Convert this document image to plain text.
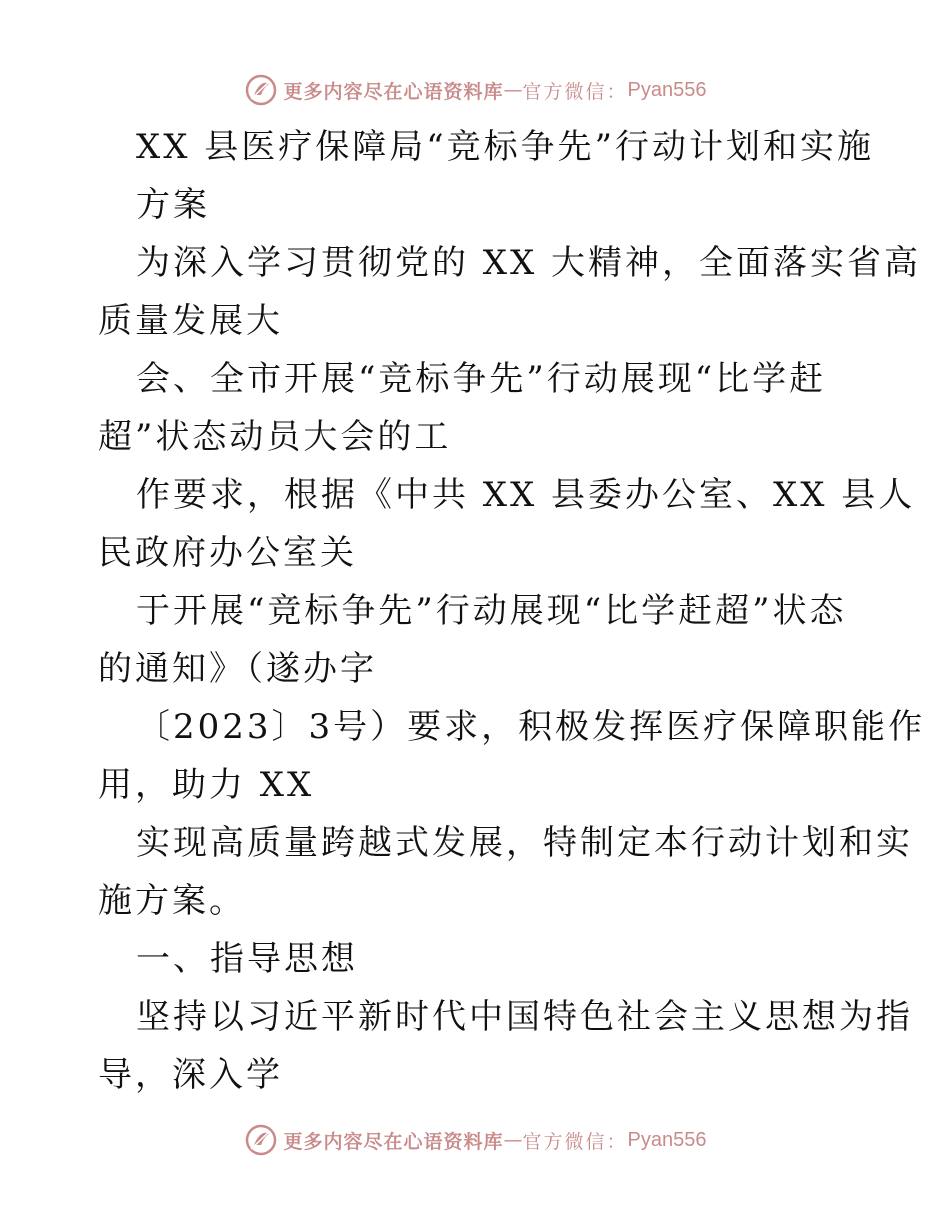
更多内容尽在心语资料库 — 官方微信： Pyan556
XX 县医疗保障局“竞标争先”行动计划和实施
方案
为深入学习贯彻党的 XX 大精神，全面落实省高
质量发展大
会、全市开展“竞标争先”行动展现“比学赶
超”状态动员大会的工
作要求，根据《中共 XX 县委办公室、XX 县人
民政府办公室关
于开展“竞标争先”行动展现“比学赶超”状态
的通知》（遂办字
〔2023〕3号）要求，积极发挥医疗保障职能作
用，助力 XX
实现高质量跨越式发展，特制定本行动计划和实
施方案。
一、指导思想
坚持以习近平新时代中国特色社会主义思想为指
导，深入学
更多内容尽在心语资料库 — 官方微信： Pyan556
